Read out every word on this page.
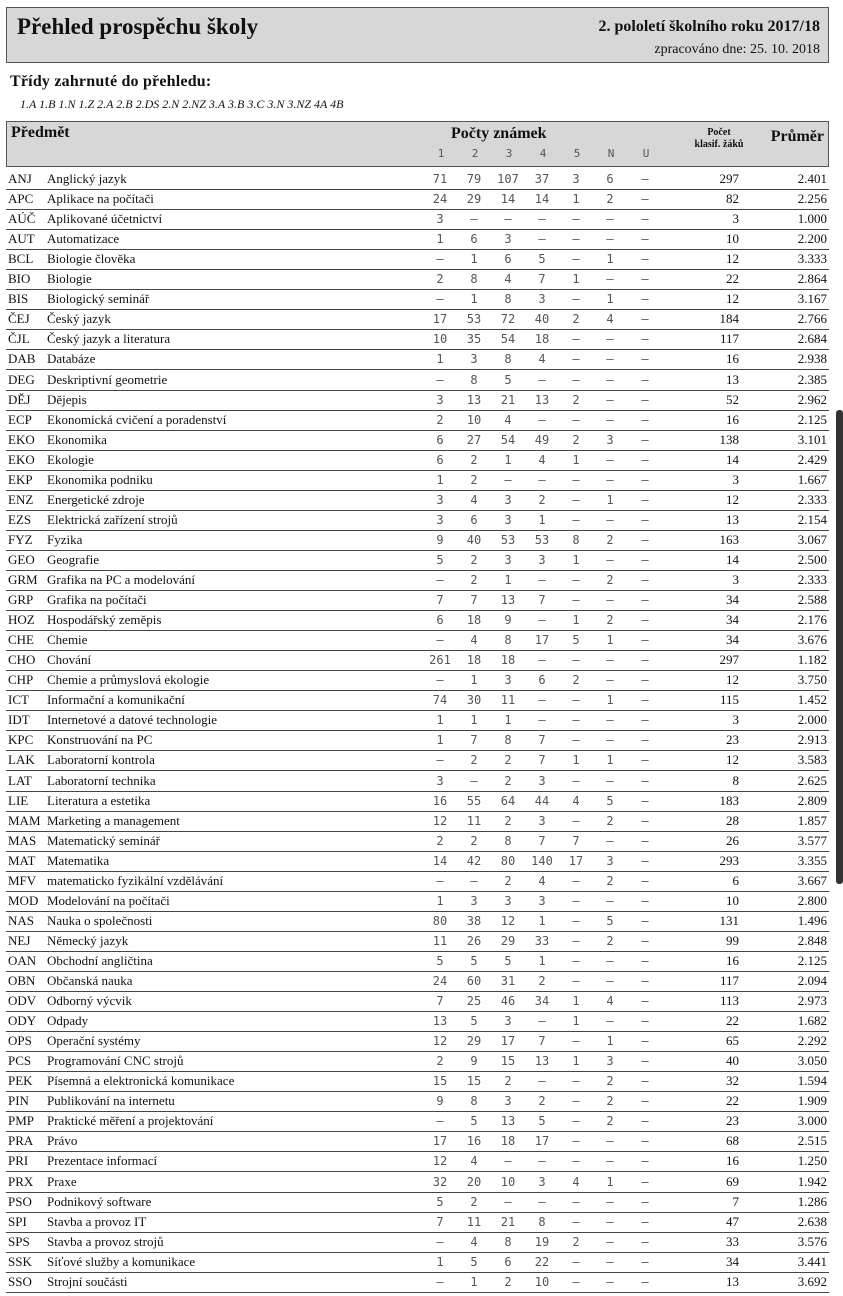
Přehled prospěchu školy	2. pololetí školního roku 2017/18
zpracováno dne: 25. 10. 2018
Třídy zahrnuté do přehledu:
1.A 1.B 1.N 1.Z 2.A 2.B 2.DS 2.N 2.NZ 3.A 3.B 3.C 3.N 3.NZ 4A 4B
Předmět	Počty známek
1	2	3	4	5	N	U
Počet
klasif. žáků	Průměr
ANJ Anglický jazyk	71	79	107	37	3	6	–	297	2.401
APC Aplikace na počítači	24	29	14	14	1	2	–	82	2.256
AÚČ Aplikované účetnictví	3	–	–	–	–	–	–	3	1.000
AUT Automatizace	1	6	3	–	–	–	–	10	2.200
BCL Biologie člověka	–	1	6	5	–	1	–	12	3.333
BIO Biologie	2	8	4	7	1	–	–	22	2.864
BIS Biologický seminář	–	1	8	3	–	1	–	12	3.167
ČEJ Český jazyk	17	53	72	40	2	4	–	184	2.766
ČJL Český jazyk a literatura	10	35	54	18	–	–	–	117	2.684
DAB Databáze	1	3	8	4	–	–	–	16	2.938
DEG Deskriptivní geometrie	–	8	5	–	–	–	–	13	2.385
DĚJ Dějepis	3	13	21	13	2	–	–	52	2.962
ECP Ekonomická cvičení a poradenství	2	10	4	–	–	–	–	16	2.125
EKO Ekonomika	6	27	54	49	2	3	–	138	3.101
EKO Ekologie	6	2	1	4	1	–	–	14	2.429
EKP Ekonomika podniku	1	2	–	–	–	–	–	3	1.667
ENZ Energetické zdroje	3	4	3	2	–	1	–	12	2.333
EZS Elektrická zařízení strojů	3	6	3	1	–	–	–	13	2.154
FYZ Fyzika	9	40	53	53	8	2	–	163	3.067
GEO Geografie	5	2	3	3	1	–	–	14	2.500
GRM Grafika na PC a modelování	–	2	1	–	–	2	–	3	2.333
GRP Grafika na počítači	7	7	13	7	–	–	–	34	2.588
HOZ Hospodářský zeměpis	6	18	9	–	1	2	–	34	2.176
CHE Chemie	–	4	8	17	5	1	–	34	3.676
CHO Chování	261	18	18	–	–	–	–	297	1.182
CHP Chemie a průmyslová ekologie	–	1	3	6	2	–	–	12	3.750
ICT Informační a komunikační	74	30	11	–	–	1	–	115	1.452
IDT Internetové a datové technologie	1	1	1	–	–	–	–	3	2.000
KPC Konstruování na PC	1	7	8	7	–	–	–	23	2.913
LAK Laboratorní kontrola	–	2	2	7	1	1	–	12	3.583
LAT Laboratorní technika	3	–	2	3	–	–	–	8	2.625
LIE Literatura a estetika	16	55	64	44	4	5	–	183	2.809
MAM Marketing a management	12	11	2	3	–	2	–	28	1.857
MAS Matematický seminář	2	2	8	7	7	–	–	26	3.577
MAT Matematika	14	42	80	140	17	3	–	293	3.355
MFV matematicko fyzikální vzdělávání	–	–	2	4	–	2	–	6	3.667
MOD Modelování na počítači	1	3	3	3	–	–	–	10	2.800
NAS Nauka o společnosti	80	38	12	1	–	5	–	131	1.496
NEJ Německý jazyk	11	26	29	33	–	2	–	99	2.848
OAN Obchodní angličtina	5	5	5	1	–	–	–	16	2.125
OBN Občanská nauka	24	60	31	2	–	–	–	117	2.094
ODV Odborný výcvik	7	25	46	34	1	4	–	113	2.973
ODY Odpady	13	5	3	–	1	–	–	22	1.682
OPS Operační systémy	12	29	17	7	–	1	–	65	2.292
PCS Programování CNC strojů	2	9	15	13	1	3	–	40	3.050
PEK Písemná a elektronická komunikace	15	15	2	–	–	2	–	32	1.594
PIN Publikování na internetu	9	8	3	2	–	2	–	22	1.909
PMP Praktické měření a projektování	–	5	13	5	–	2	–	23	3.000
PRA Právo	17	16	18	17	–	–	–	68	2.515
PRI Prezentace informací	12	4	–	–	–	–	–	16	1.250
PRX Praxe	32	20	10	3	4	1	–	69	1.942
PSO Podnikový software	5	2	–	–	–	–	–	7	1.286
SPI Stavba a provoz IT	7	11	21	8	–	–	–	47	2.638
SPS Stavba a provoz strojů	–	4	8	19	2	–	–	33	3.576
SSK Síťové služby a komunikace	1	5	6	22	–	–	–	34	3.441
SSO Strojní součásti	–	1	2	10	–	–	–	13	3.692
